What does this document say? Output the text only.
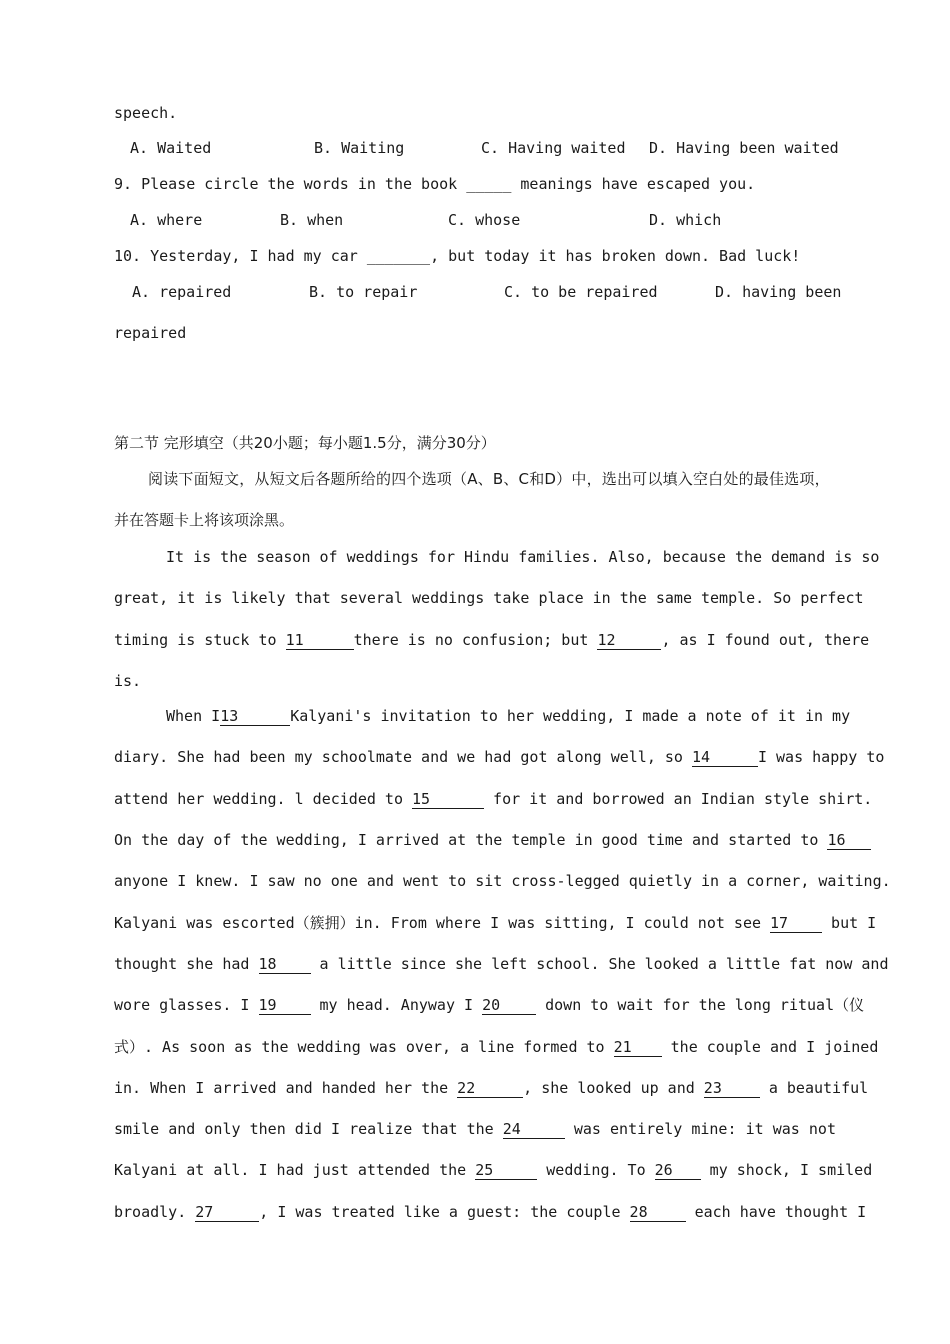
speech.
A. Waited	B. Waiting	C. Having waited D. Having been waited
9. Please circle the words in the book _____ meanings have escaped you.
A. where	B. when	C. whose	D. which
10. Yesterday, I had my car _______, but today it has broken down. Bad luck!
A. repaired	B. to repair	C. to be repaired	D. having been
repaired
第二节 完形填空（共20小题；每小题1.5分，满分30分）
阅读下面短文，从短文后各题所给的四个选项（A、B、C和D）中，选出可以填入空白处的最佳选项，
并在答题卡上将该项涂黑。
It is the season of weddings for Hindu families. Also, because the demand is so
great, it is likely that several weddings take place in the same temple. So perfect
timing is stuck to 11	there is no confusion; but 12	, as I found out, there
is.
When I13	Kalyani's invitation to her wedding, I made a note of it in my
diary. She had been my schoolmate and we had got along well, so 14	I was happy to
attend her wedding. l decided to 15	for it and borrowed an Indian style shirt.
On the day of the wedding, I arrived at the temple in good time and started to 16
anyone I knew. I saw no one and went to sit cross-legged quietly in a corner, waiting.
Kalyani was escorted（簇拥）in. From where I was sitting, I could not see 17 but I
thought she had 18 a little since she left school. She looked a little fat now and
wore glasses. I 19 my head. Anyway I 20 down to wait for the long ritual（仪
式）. As soon as the wedding was over, a line formed to 21 the couple and I joined
in. When I arrived and handed her the 22	, she looked up and 23	a beautiful
smile and only then did I realize that the 24	was entirely mine: it was not
Kalyani at all. I had just attended the 25	wedding. To 26 my shock, I smiled
broadly. 27	, I was treated like a guest: the couple 28	each have thought I
